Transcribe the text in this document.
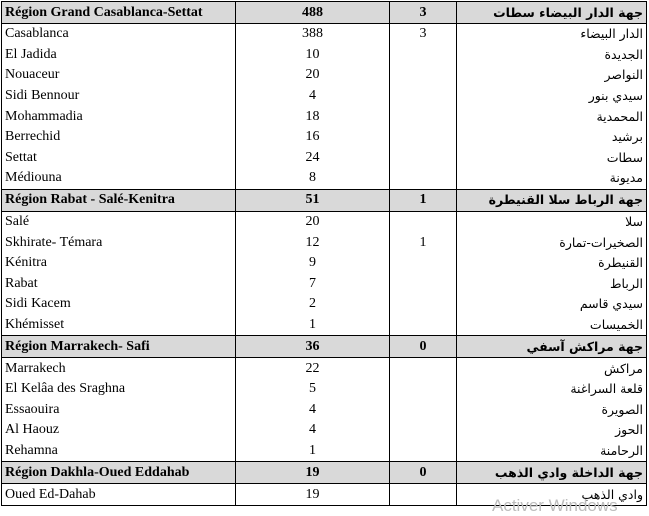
Région Grand Casablanca-Settat	488	3	جهة الدار البيضاء سطات
Casablanca	388	3	الدار البيضاء
El Jadida	10		الجديدة
Nouaceur	20		النواصر
Sidi Bennour	4		سيدي بنور
Mohammadia	18		المحمدية
Berrechid	16		برشيد
Settat	24		سطات
Médiouna	8		مديونة
Région Rabat - Salé-Kenitra	51	1	جهة الرباط سلا القنيطرة
Salé	20		سلا
Skhirate- Témara	12	1	الصخيرات-تمارة
Kénitra	9		القنيطرة
Rabat	7		الرباط
Sidi Kacem	2		سيدي قاسم
Khémisset	1		الخميسات
Région Marrakech- Safi	36	0	جهة مراكش آسفي
Marrakech	22		مراكش
El Kelâa des Sraghna	5		قلعة السراغنة
Essaouira	4		الصويرة
Al Haouz	4		الحوز
Rehamna	1		الرحامنة
Région Dakhla-Oued Eddahab	19	0	جهة الداخلة وادي الذهب
Oued Ed-Dahab	19		وادي الذهب
Activer Windows
